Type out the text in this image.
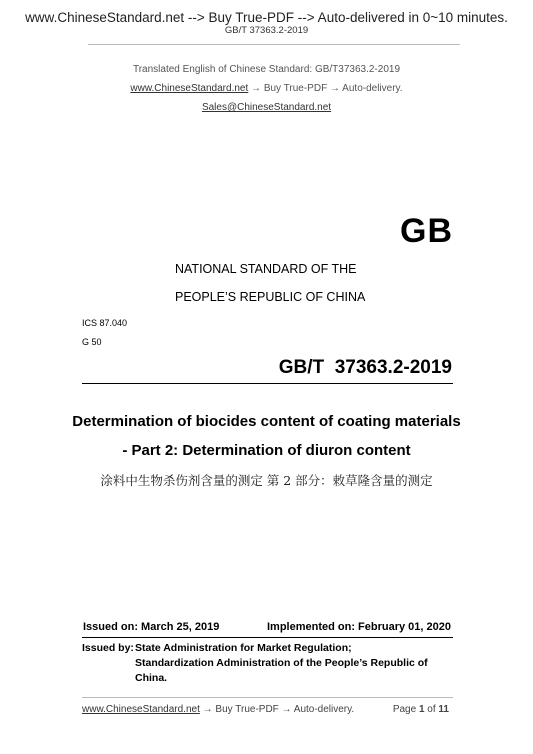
www.ChineseStandard.net --> Buy True-PDF --> Auto-delivered in 0~10 minutes.
GB/T 37363.2-2019
Translated English of Chinese Standard: GB/T37363.2-2019
www.ChineseStandard.net → Buy True-PDF → Auto-delivery.
Sales@ChineseStandard.net
GB
NATIONAL STANDARD OF THE
PEOPLE’S REPUBLIC OF CHINA
ICS 87.040
G 50
GB/T  37363.2-2019
Determination of biocides content of coating materials
- Part 2: Determination of diuron content
涂料中生物杀伤剂含量的测定 第 2 部分：敕草隆含量的测定
Issued on: March 25, 2019	Implemented on: February 01, 2020
Issued by: State Administration for Market Regulation;
Standardization Administration of the People’s Republic of
China.
www.ChineseStandard.net → Buy True-PDF → Auto-delivery.	Page 1 of 11
